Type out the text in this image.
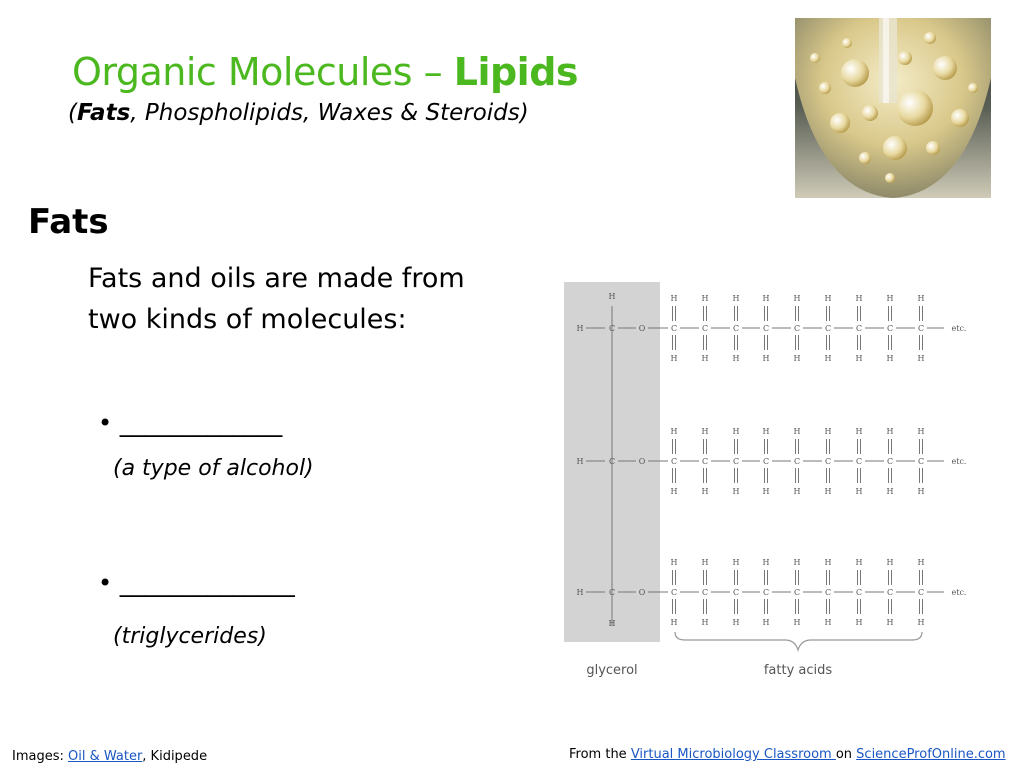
Organic Molecules – Lipids
(Fats, Phospholipids, Waxes & Steroids)
Fats
Fats and oils are made from two kinds of molecules:
• _____________
(a type of alcohol)
• ______________
(triglycerides)
H	C	O	C
H
H
C
H
H
C
H
H
C
H
H
C
H
H
C
H
H
C
H
H
C
H
H
C
H
H
etc.
H	C	O	C
H
H
C
H
H
C
H
H
C
H
H
C
H
H
C
H
H
C
H
H
C
H
H
C
H
H
etc.
H	C	O	C
H
H
C
H
H
C
H
H
C
H
H
C
H
H
C
H
H
C
H
H
C
H
H
C
H
H
etc.
H
H
glycerol	fatty acids
Images: Oil & Water, Kidipede	From the Virtual Microbiology Classroom on ScienceProfOnline.com
